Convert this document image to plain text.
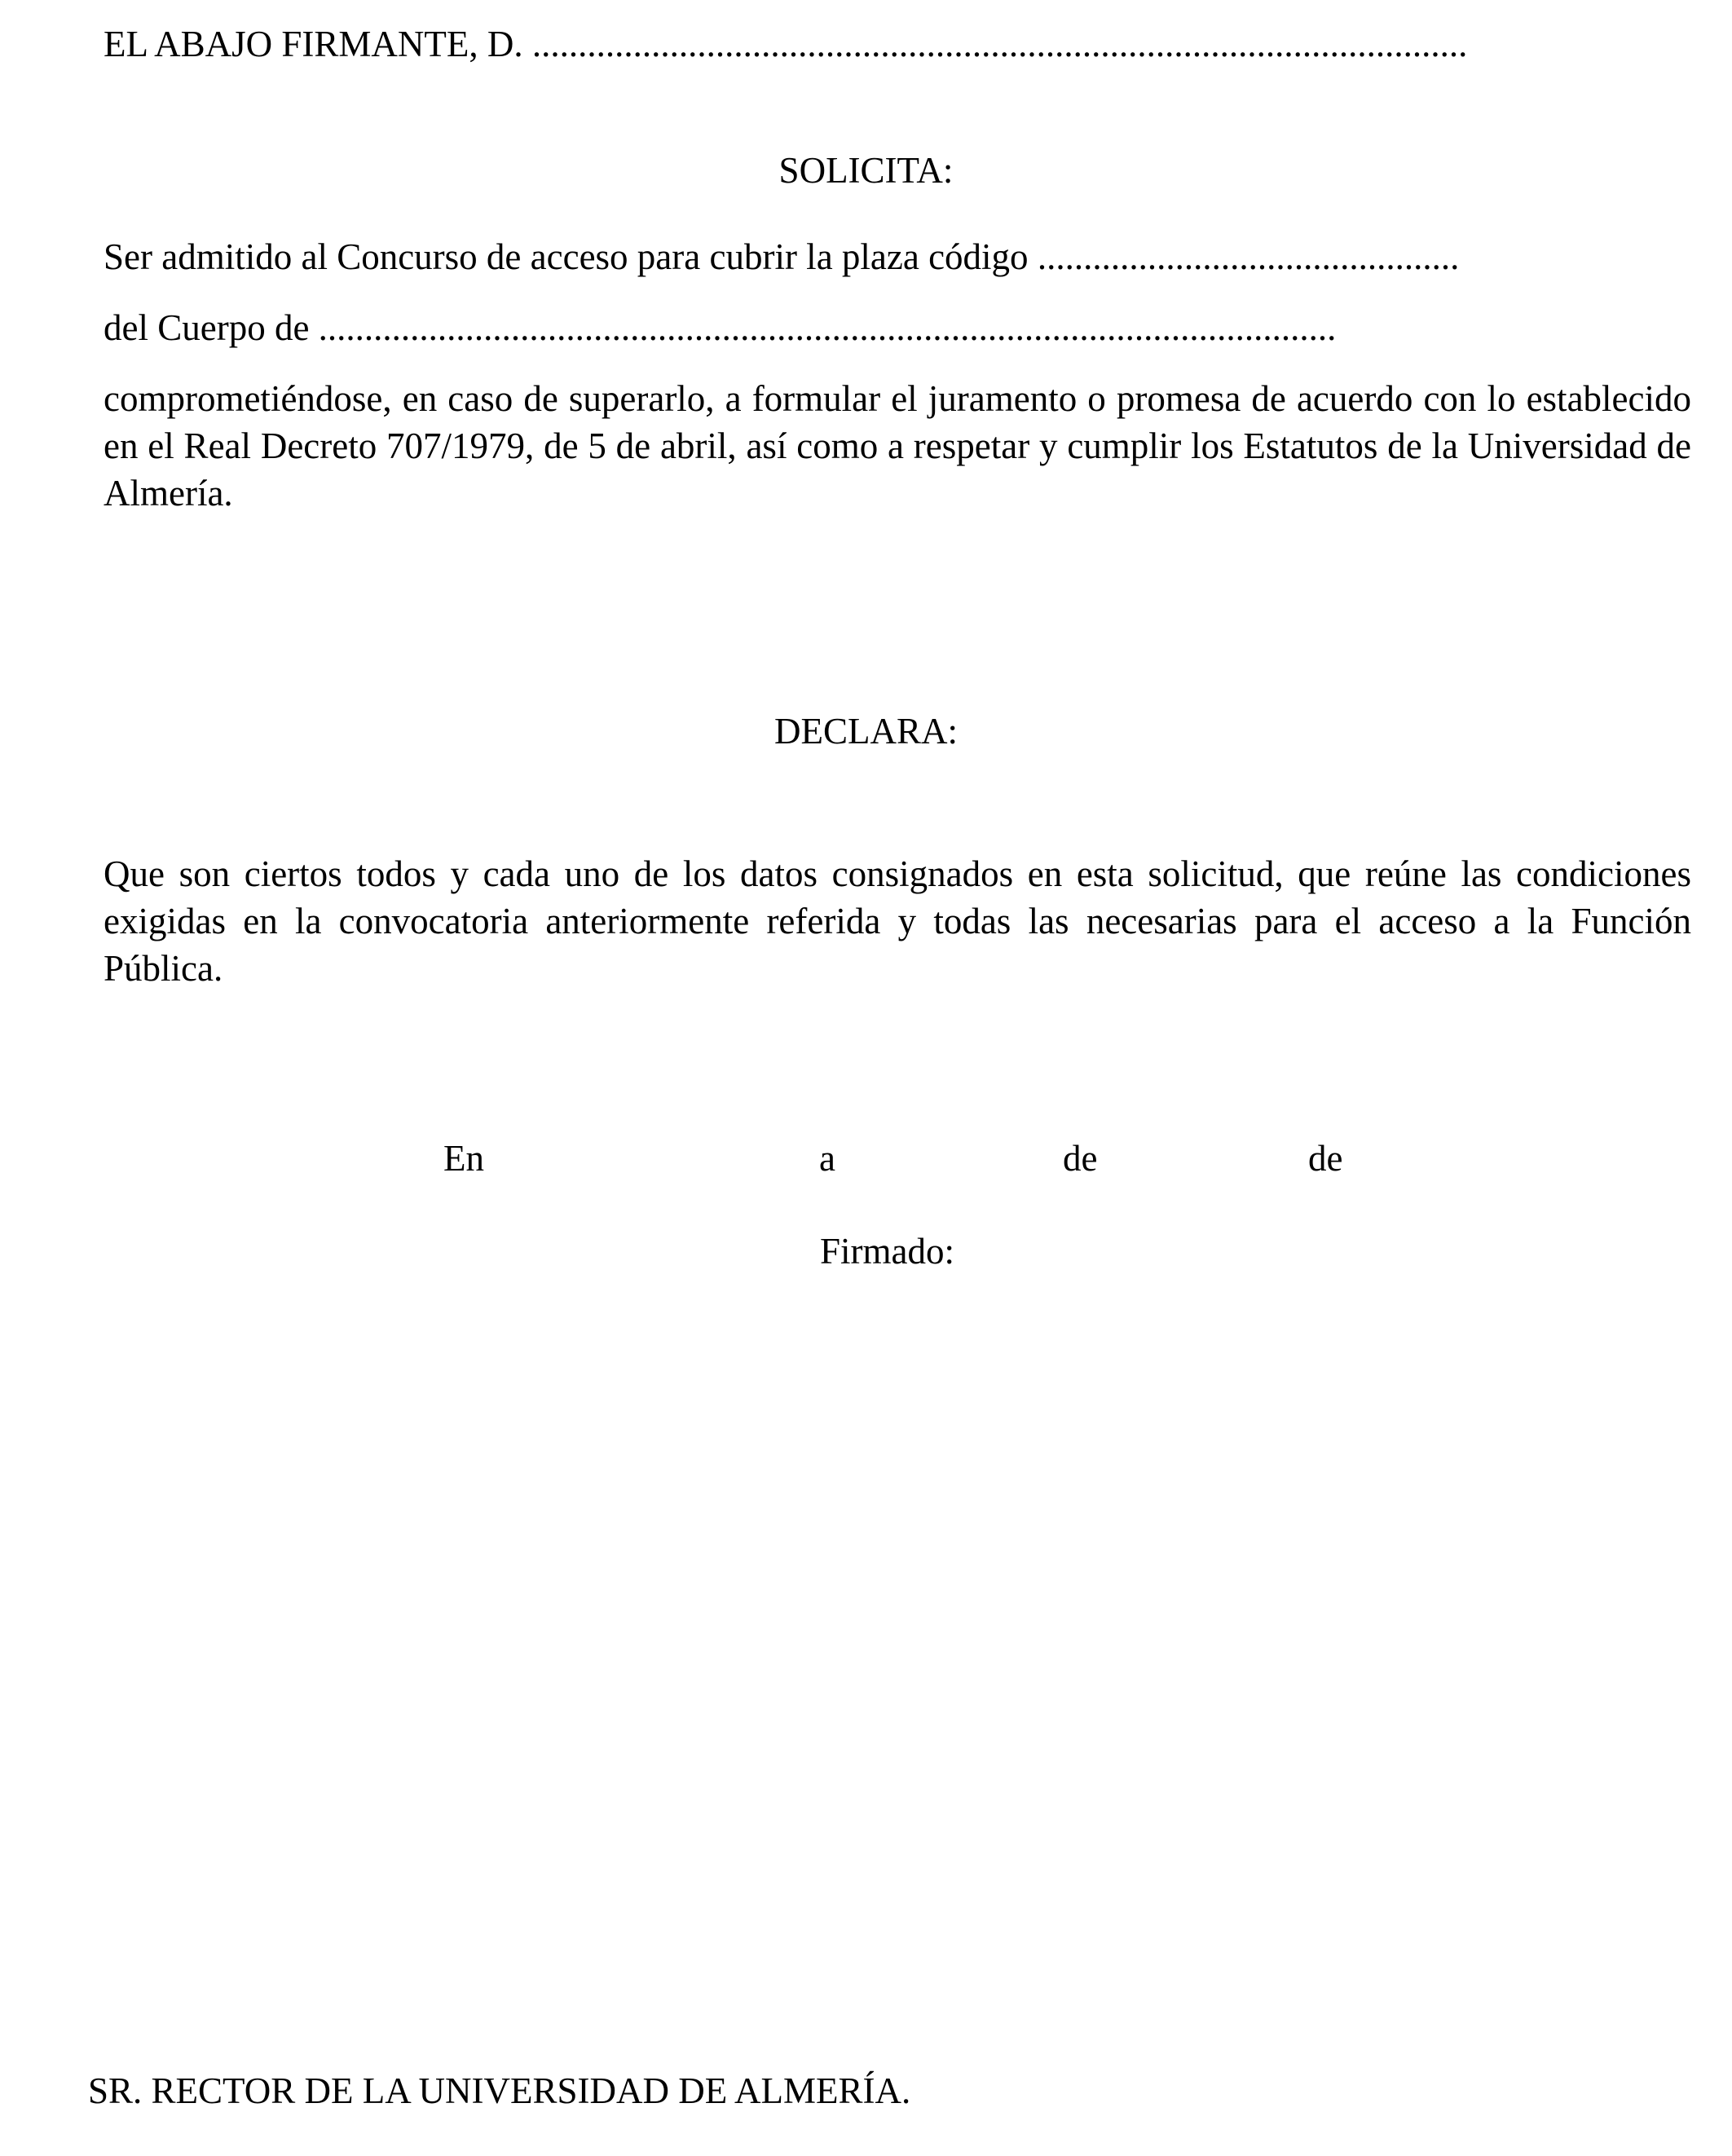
EL ABAJO FIRMANTE, D. ......................................................................................................
SOLICITA:
Ser admitido al Concurso de acceso para cubrir la plaza código ..............................................
del Cuerpo de ...............................................................................................................
comprometiéndose, en caso de superarlo, a formular el juramento o promesa de acuerdo con lo establecido en el Real Decreto 707/1979, de 5 de abril, así como a respetar y cumplir los Estatutos de la Universidad de Almería.
DECLARA:
Que son ciertos todos y cada uno de los datos consignados en esta solicitud, que reúne las condiciones exigidas en la convocatoria anteriormente referida y todas las necesarias para el acceso a la Función Pública.
En	a	de	de
Firmado:
SR. RECTOR DE LA UNIVERSIDAD DE ALMERÍA.
